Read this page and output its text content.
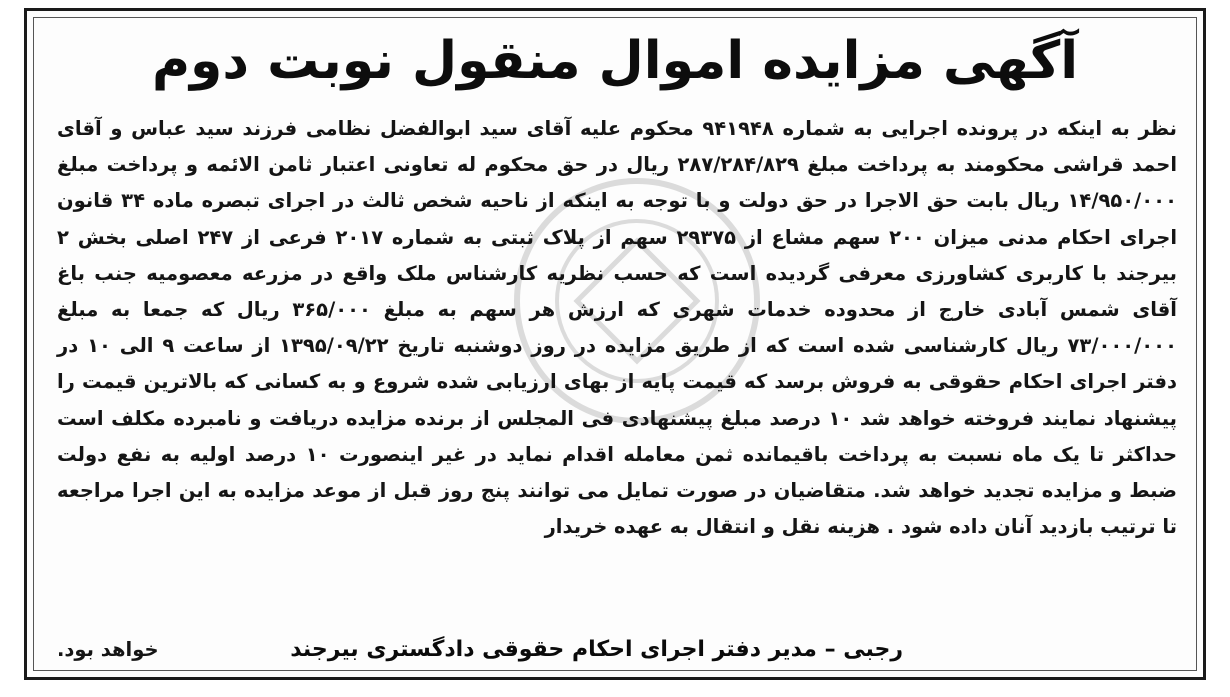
آگهی مزایده اموال منقول نوبت دوم
نظر به اینکه در پرونده اجرایی به شماره ۹۴۱۹۴۸ محکوم علیه آقای سید ابوالفضل نظامی فرزند سید عباس و آقای احمد قراشی محکومند به پرداخت مبلغ ۲۸۷/۲۸۴/۸۲۹ ریال در حق محکوم له تعاونی اعتبار ثامن الائمه و پرداخت مبلغ ۱۴/۹۵۰/۰۰۰ ریال بابت حق الاجرا در حق دولت و با توجه به اینکه از ناحیه شخص ثالث در اجرای تبصره ماده ۳۴ قانون اجرای احکام مدنی میزان ۲۰۰ سهم مشاع از ۲۹۳۷۵ سهم از پلاک ثبتی به شماره ۲۰۱۷ فرعی از ۲۴۷ اصلی بخش ۲ بیرجند با کاربری کشاورزی معرفی گردیده است که حسب نظریه کارشناس ملک واقع در مزرعه معصومیه جنب باغ آقای شمس آبادی خارج از محدوده خدمات شهری که ارزش هر سهم به مبلغ ۳۶۵/۰۰۰ ریال که جمعا به مبلغ ۷۳/۰۰۰/۰۰۰ ریال کارشناسی شده است که از طریق مزایده در روز دوشنبه تاریخ ۱۳۹۵/۰۹/۲۲ از ساعت ۹ الی ۱۰ در دفتر اجرای احکام حقوقی به فروش برسد که قیمت پایه از بهای ارزیابی شده شروع و به کسانی که بالاترین قیمت را پیشنهاد نمایند فروخته خواهد شد ۱۰ درصد مبلغ پیشنهادی فی المجلس از برنده مزایده دریافت و نامبرده مکلف است حداکثر تا یک ماه نسبت به پرداخت باقیمانده ثمن معامله اقدام نماید در غیر اینصورت ۱۰ درصد اولیه به نفع دولت ضبط و مزایده تجدید خواهد شد. متقاضیان در صورت تمایل می توانند پنج روز قبل از موعد مزایده به این اجرا مراجعه تا ترتیب بازدید آنان داده شود . هزینه نقل و انتقال به عهده خریدار
خواهد بود.	رجبی – مدیر دفتر اجرای احکام حقوقی دادگستری بیرجند
